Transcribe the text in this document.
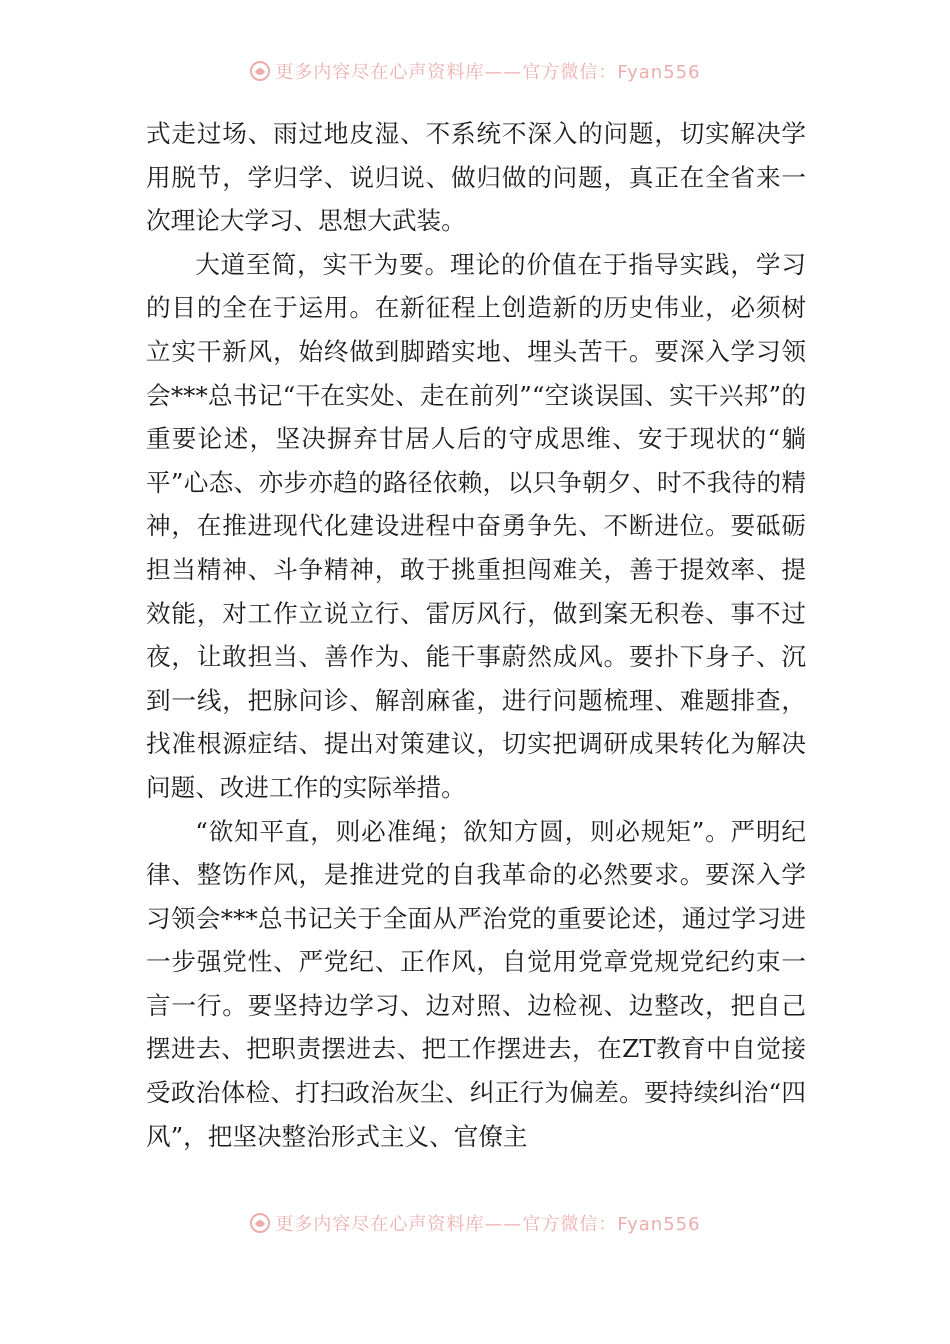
更多内容尽在心声资料库——官方微信：Fyan556

式走过场、雨过地皮湿、不系统不深入的问题，切实解决学用脱节，学归学、说归说、做归做的问题，真正在全省来一次理论大学习、思想大武装。

大道至简，实干为要。理论的价值在于指导实践，学习的目的全在于运用。在新征程上创造新的历史伟业，必须树立实干新风，始终做到脚踏实地、埋头苦干。要深入学习领会***总书记“干在实处、走在前列”“空谈误国、实干兴邦”的重要论述，坚决摒弃甘居人后的守成思维、安于现状的“躺平”心态、亦步亦趋的路径依赖，以只争朝夕、时不我待的精神，在推进现代化建设进程中奋勇争先、不断进位。要砥砺担当精神、斗争精神，敢于挑重担闯难关，善于提效率、提效能，对工作立说立行、雷厉风行，做到案无积卷、事不过夜，让敢担当、善作为、能干事蔚然成风。要扑下身子、沉到一线，把脉问诊、解剖麻雀，进行问题梳理、难题排查，找准根源症结、提出对策建议，切实把调研成果转化为解决问题、改进工作的实际举措。

“欲知平直，则必准绳；欲知方圆，则必规矩”。严明纪律、整饬作风，是推进党的自我革命的必然要求。要深入学习领会***总书记关于全面从严治党的重要论述，通过学习进一步强党性、严党纪、正作风，自觉用党章党规党纪约束一言一行。要坚持边学习、边对照、边检视、边整改，把自己摆进去、把职责摆进去、把工作摆进去，在ZT教育中自觉接受政治体检、打扫政治灰尘、纠正行为偏差。要持续纠治“四风”，把坚决整治形式主义、官僚主

更多内容尽在心声资料库——官方微信：Fyan556
